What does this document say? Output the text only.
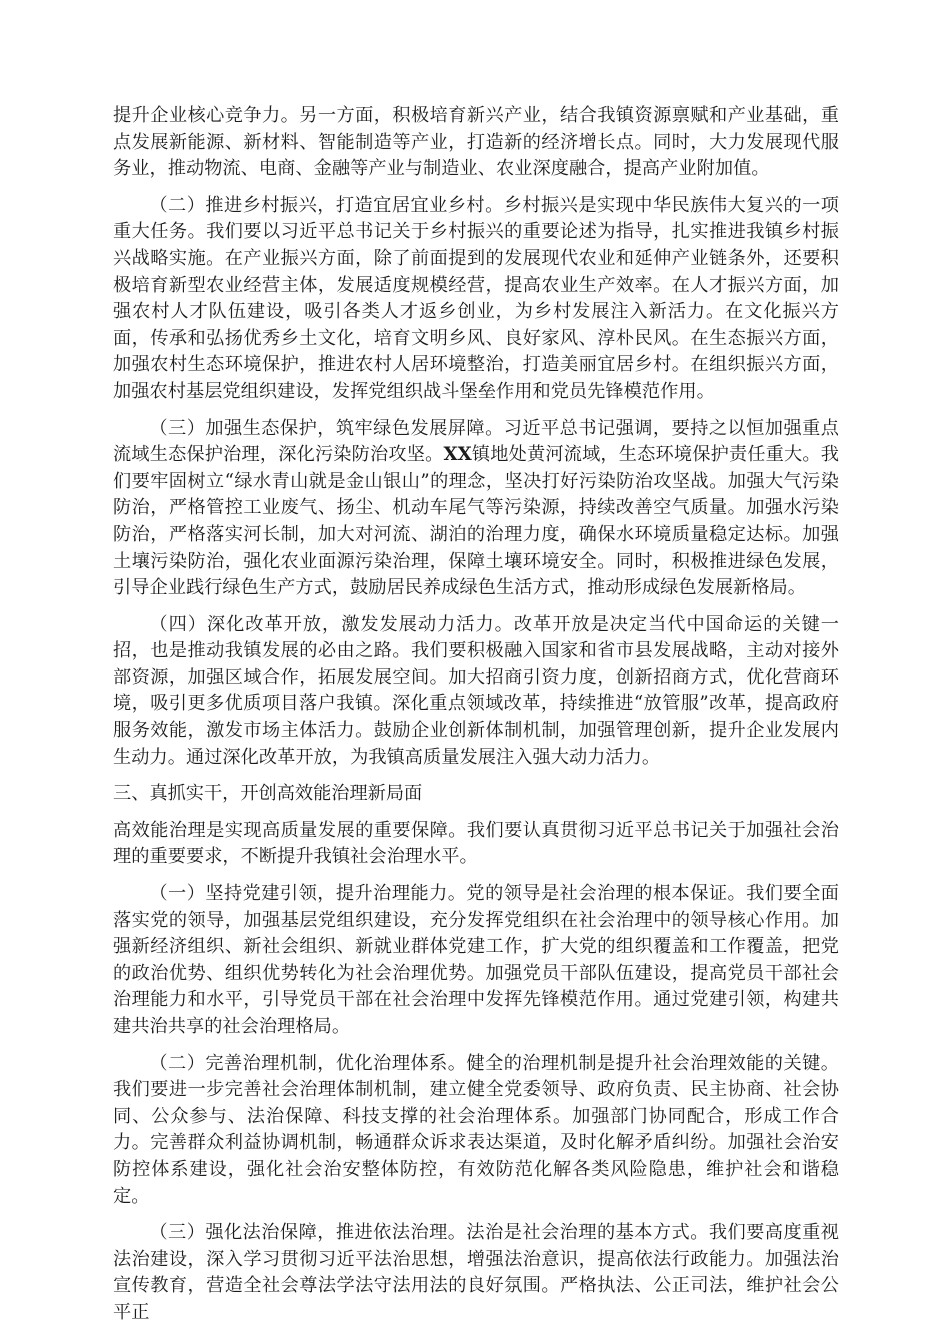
提升企业核心竞争力。另一方面，积极培育新兴产业，结合我镇资源禀赋和产业基础，重点发展新能源、新材料、智能制造等产业，打造新的经济增长点。同时，大力发展现代服务业，推动物流、电商、金融等产业与制造业、农业深度融合，提高产业附加值。

（二）推进乡村振兴，打造宜居宜业乡村。乡村振兴是实现中华民族伟大复兴的一项重大任务。我们要以习近平总书记关于乡村振兴的重要论述为指导，扎实推进我镇乡村振兴战略实施。在产业振兴方面，除了前面提到的发展现代农业和延伸产业链条外，还要积极培育新型农业经营主体，发展适度规模经营，提高农业生产效率。在人才振兴方面，加强农村人才队伍建设，吸引各类人才返乡创业，为乡村发展注入新活力。在文化振兴方面，传承和弘扬优秀乡土文化，培育文明乡风、良好家风、淳朴民风。在生态振兴方面，加强农村生态环境保护，推进农村人居环境整治，打造美丽宜居乡村。在组织振兴方面，加强农村基层党组织建设，发挥党组织战斗堡垒作用和党员先锋模范作用。

（三）加强生态保护，筑牢绿色发展屏障。习近平总书记强调，要持之以恒加强重点流域生态保护治理，深化污染防治攻坚。XX镇地处黄河流域，生态环境保护责任重大。我们要牢固树立“绿水青山就是金山银山”的理念，坚决打好污染防治攻坚战。加强大气污染防治，严格管控工业废气、扬尘、机动车尾气等污染源，持续改善空气质量。加强水污染防治，严格落实河长制，加大对河流、湖泊的治理力度，确保水环境质量稳定达标。加强土壤污染防治，强化农业面源污染治理，保障土壤环境安全。同时，积极推进绿色发展，引导企业践行绿色生产方式，鼓励居民养成绿色生活方式，推动形成绿色发展新格局。

（四）深化改革开放，激发发展动力活力。改革开放是决定当代中国命运的关键一招，也是推动我镇发展的必由之路。我们要积极融入国家和省市县发展战略，主动对接外部资源，加强区域合作，拓展发展空间。加大招商引资力度，创新招商方式，优化营商环境，吸引更多优质项目落户我镇。深化重点领域改革，持续推进“放管服”改革，提高政府服务效能，激发市场主体活力。鼓励企业创新体制机制，加强管理创新，提升企业发展内生动力。通过深化改革开放，为我镇高质量发展注入强大动力活力。

三、真抓实干，开创高效能治理新局面

高效能治理是实现高质量发展的重要保障。我们要认真贯彻习近平总书记关于加强社会治理的重要要求，不断提升我镇社会治理水平。

（一）坚持党建引领，提升治理能力。党的领导是社会治理的根本保证。我们要全面落实党的领导，加强基层党组织建设，充分发挥党组织在社会治理中的领导核心作用。加强新经济组织、新社会组织、新就业群体党建工作，扩大党的组织覆盖和工作覆盖，把党的政治优势、组织优势转化为社会治理优势。加强党员干部队伍建设，提高党员干部社会治理能力和水平，引导党员干部在社会治理中发挥先锋模范作用。通过党建引领，构建共建共治共享的社会治理格局。

（二）完善治理机制，优化治理体系。健全的治理机制是提升社会治理效能的关键。我们要进一步完善社会治理体制机制，建立健全党委领导、政府负责、民主协商、社会协同、公众参与、法治保障、科技支撑的社会治理体系。加强部门协同配合，形成工作合力。完善群众利益协调机制，畅通群众诉求表达渠道，及时化解矛盾纠纷。加强社会治安防控体系建设，强化社会治安整体防控，有效防范化解各类风险隐患，维护社会和谐稳定。

（三）强化法治保障，推进依法治理。法治是社会治理的基本方式。我们要高度重视法治建设，深入学习贯彻习近平法治思想，增强法治意识，提高依法行政能力。加强法治宣传教育，营造全社会尊法学法守法用法的良好氛围。严格执法、公正司法，维护社会公平正
